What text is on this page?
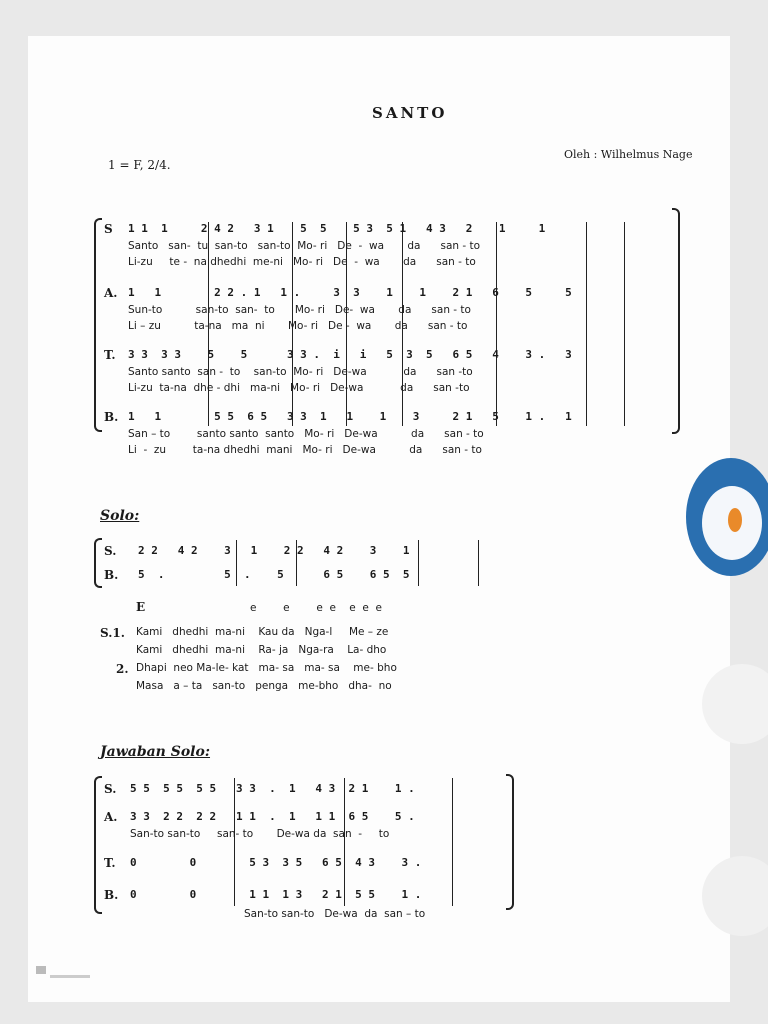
SANTO
1 = F, 2/4.
Oleh : Wilhelmus Nage
S 1 1  1     2 4 2   3 1    5  5    5 3  5 1   4 3   2    1     1
Santo   san-  tu  san-to   san-to  Mo- ri   De  -  wa       da      san - to
Li-zu     te -  na dhedhi  me-ni   Mo- ri   De  -  wa       da      san - to
A. 1   1        2 2 . 1   1 .     3  3    1    1    2 1   6    5     5
Sun-to          san-to  san-  to      Mo- ri   De-  wa       da      san - to
Li – zu          ta-na   ma  ni       Mo- ri   De -  wa       da      san - to
T. 3 3  3 3    5    5      3 3 .  i   i   5  3  5   6 5   4    3 .   3
Santo santo  san -  to    san-to  Mo- ri   De-wa           da      san -to
Li-zu  ta-na  dhe - dhi   ma-ni   Mo- ri   De-wa           da      san -to
B. 1   1        5 5  6 5   3 3  1   1    1    3     2 1   5    1 .   1
San – to        santo santo  santo   Mo- ri   De-wa          da      san - to
Li  -  zu        ta-na dhedhi  mani   Mo- ri   De-wa          da      san - to
Solo:
S. 2 2   4 2    3   1    2 2   4 2    3    1
B. 5  .         5  .    5      6 5    6 5  5
E	e        e        e  e    e  e  e
S.1. Kami   dhedhi  ma-ni    Kau da   Nga-l     Me – ze
Kami   dhedhi  ma-ni    Ra- ja   Nga-ra    La- dho
2. Dhapi  neo Ma-le- kat   ma- sa   ma- sa    me- bho
Masa   a – ta   san-to   penga   me-bho   dha-  no
Jawaban Solo:
S. 5 5  5 5  5 5   3 3  .  1   4 3  2 1    1 .
A. 3 3  2 2  2 2   1 1  .  1   1 1  6 5    5 .
San-to san-to     san- to       De-wa da  san  -     to
T. 0        0        5 3  3 5   6 5  4 3    3 .
B. 0        0        1 1  1 3   2 1  5 5    1 .
San-to san-to   De-wa  da  san – to
